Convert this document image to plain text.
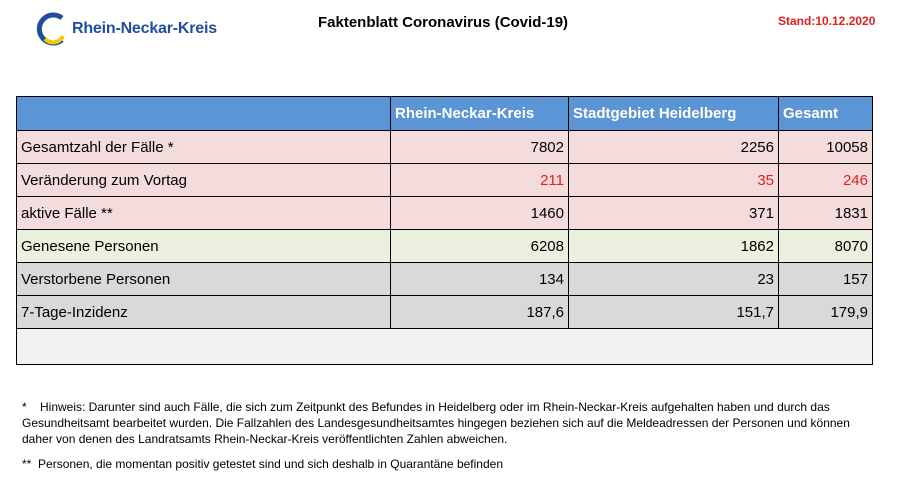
Rhein-Neckar-Kreis	Faktenblatt Coronavirus (Covid-19)	Stand:10.12.2020
	Rhein-Neckar-Kreis	Stadtgebiet Heidelberg	Gesamt
Gesamtzahl der Fälle *	7802	2256	10058
Veränderung zum Vortag	211	35	246
aktive Fälle **	1460	371	1831
Genesene Personen	6208	1862	8070
Verstorbene Personen	134	23	157
7-Tage-Inzidenz	187,6	151,7	179,9

* Hinweis: Darunter sind auch Fälle, die sich zum Zeitpunkt des Befundes in Heidelberg oder im Rhein-Neckar-Kreis aufgehalten haben und durch das Gesundheitsamt bearbeitet wurden. Die Fallzahlen des Landesgesundheitsamtes hingegen beziehen sich auf die Meldeadressen der Personen und können daher von denen des Landratsamts Rhein-Neckar-Kreis veröffentlichten Zahlen abweichen.
** Personen, die momentan positiv getestet sind und sich deshalb in Quarantäne befinden
